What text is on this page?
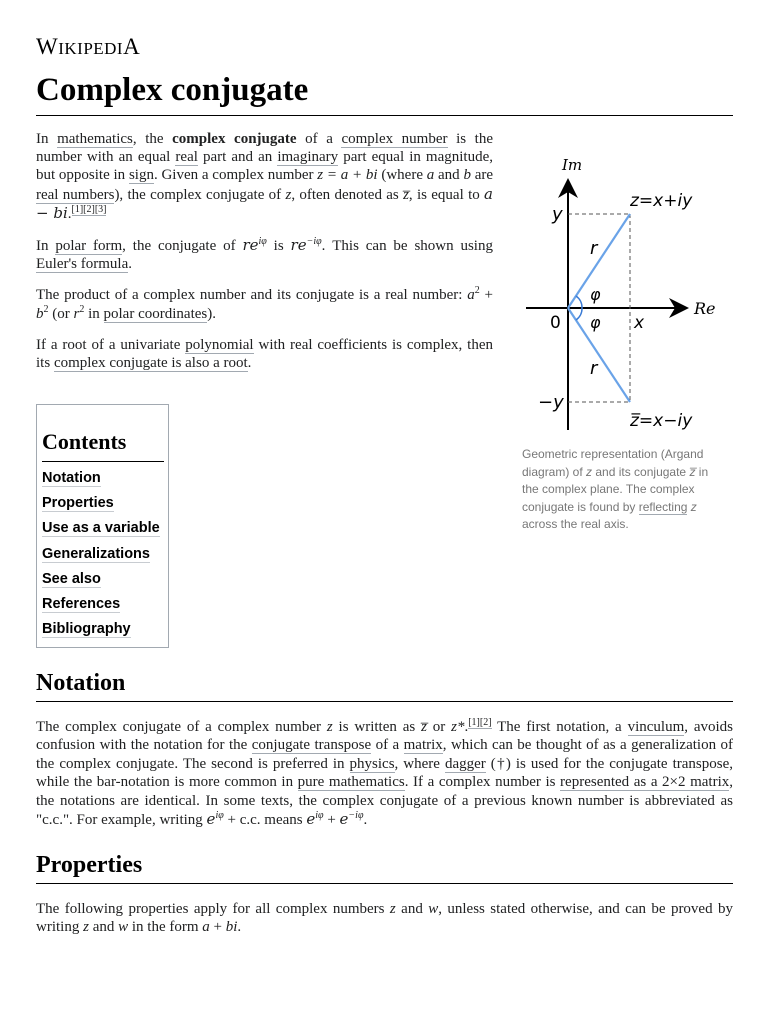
WIKIPEDIA
Complex conjugate

In mathematics, the complex conjugate of a complex number is the number with an equal real part and an imaginary part equal in magnitude, but opposite in sign. Given a complex number z = a + bi (where a and b are real numbers), the complex conjugate of z, often denoted as z̅, is equal to a − bi.[1][2][3]

In polar form, the conjugate of $re^{i\varphi}$ is $re^{-i\varphi}$. This can be shown using Euler's formula.

The product of a complex number and its conjugate is a real number: $a^2 + b^2$ (or $r^2$ in polar coordinates).

If a root of a univariate polynomial with real coefficients is complex, then its complex conjugate is also a root.

Im
Re
y
−y
0	x
r
r
φ
φ
z=x+iy
z̅=x−iy
Geometric representation (Argand diagram) of z and its conjugate z̅ in the complex plane. The complex conjugate is found by reflecting z across the real axis.
Contents
Notation
Properties
Use as a variable
Generalizations
See also
References
Bibliography
Notation

The complex conjugate of a complex number z is written as z̅ or z*.[1][2] The first notation, a vinculum, avoids confusion with the notation for the conjugate transpose of a matrix, which can be thought of as a generalization of the complex conjugate. The second is preferred in physics, where dagger (†) is used for the conjugate transpose, while the bar-notation is more common in pure mathematics. If a complex number is represented as a 2×2 matrix, the notations are identical. In some texts, the complex conjugate of a previous known number is abbreviated as "c.c.". For example, writing $e^{i\varphi} + c.c$. means $e^{i\varphi} + e^{-i\varphi}$.

Properties

The following properties apply for all complex numbers z and w, unless stated otherwise, and can be proved by writing z and w in the form a + bi.
